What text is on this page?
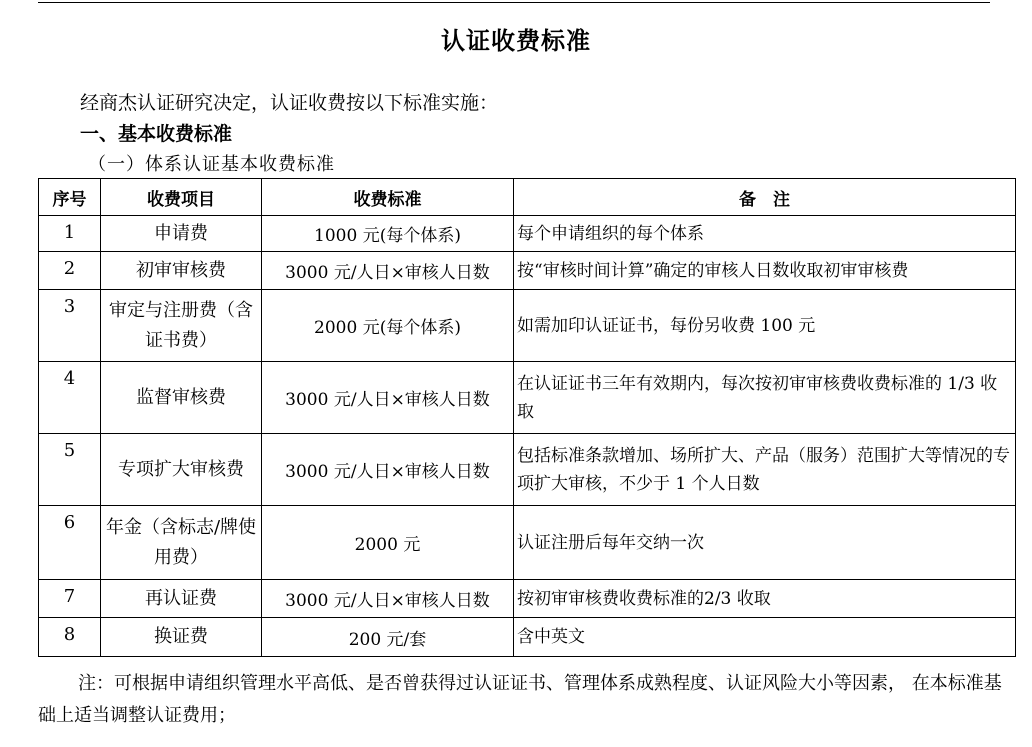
认证收费标准
经商杰认证研究决定，认证收费按以下标准实施：
一、基本收费标准
（一）体系认证基本收费标准
序号	收费项目	收费标准	备　注
1	申请费	1000 元(每个体系)	每个申请组织的每个体系
2	初审审核费	3000 元/人日×审核人日数	按“审核时间计算”确定的审核人日数收取初审审核费
3	审定与注册费（含证书费）	2000 元(每个体系)	如需加印认证证书，每份另收费 100 元
4	监督审核费	3000 元/人日×审核人日数	在认证证书三年有效期内，每次按初审审核费收费标准的 1/3 收取
5	专项扩大审核费	3000 元/人日×审核人日数	包括标准条款增加、场所扩大、产品（服务）范围扩大等情况的专项扩大审核，不少于 1 个人日数
6	年金（含标志/牌使 用费）	2000 元	认证注册后每年交纳一次
7	再认证费	3000 元/人日×审核人日数	按初审审核费收费标准的2/3 收取
8	换证费	200 元/套	含中英文
注：可根据申请组织管理水平高低、是否曾获得过认证证书、管理体系成熟程度、认证风险大小等因素， 在本标准基础上适当调整认证费用；
